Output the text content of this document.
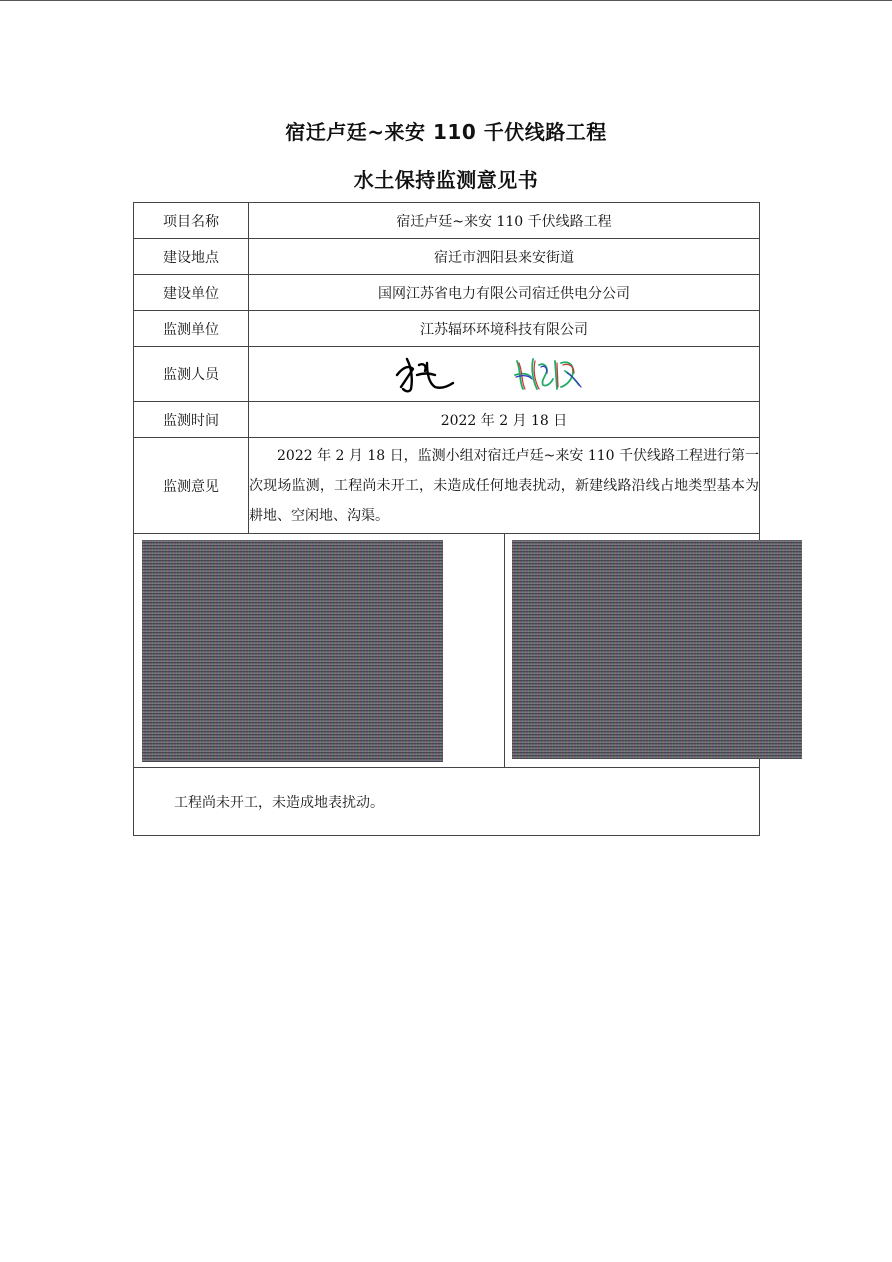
宿迁卢廷~来安 110 千伏线路工程
水土保持监测意见书
项目名称	宿迁卢廷~来安 110 千伏线路工程	
建设地点	宿迁市泗阳县来安街道	
建设单位	国网江苏省电力有限公司宿迁供电分公司	
监测单位	江苏辐环环境科技有限公司	
监测人员	

监测时间	2022 年 2 月 18 日	
监测意见	2022 年 2 月 18 日，监测小组对宿迁卢廷~来安 110 千伏线路工程进行第一次现场监测，工程尚未开工，未造成任何地表扰动，新建线路沿线占地类型基本为耕地、空闲地、沟渠。	

工程尚未开工，未造成地表扰动。		
